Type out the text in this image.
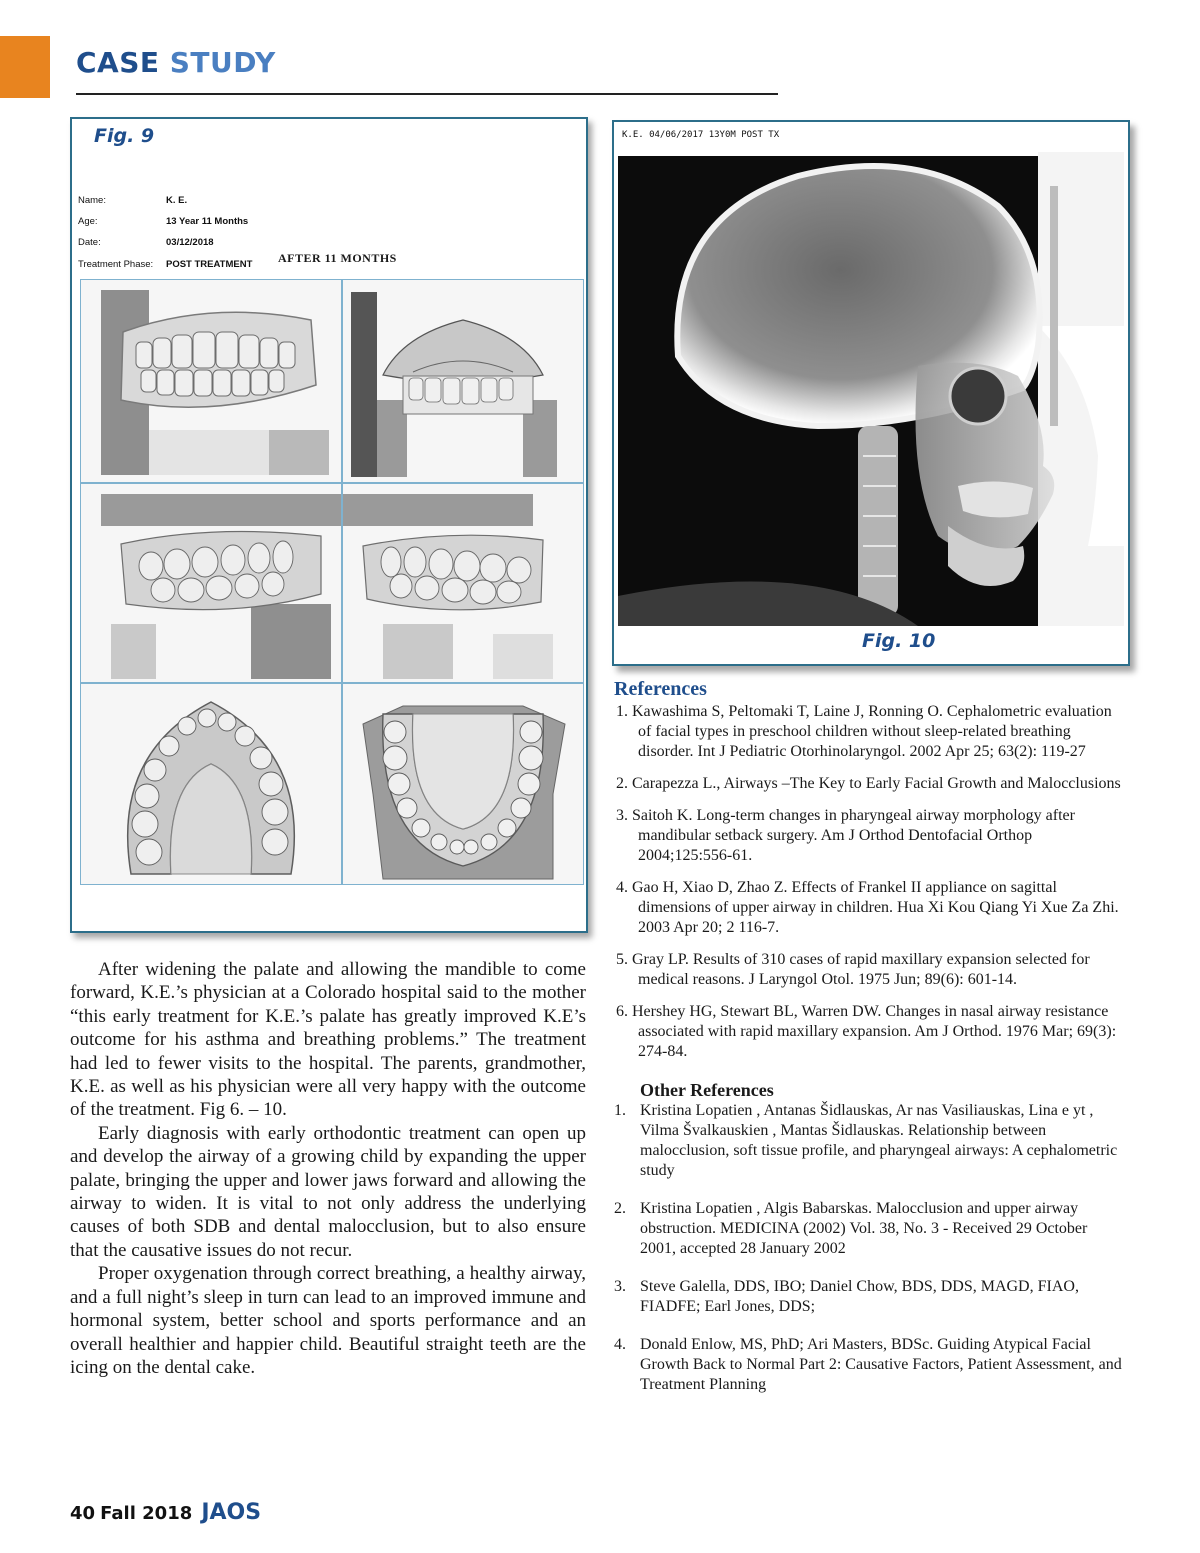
CASE STUDY
Fig. 9
Name:	K. E.
Age:	13 Year 11 Months
Date:	03/12/2018
Treatment Phase: POST TREATMENT AFTER 11 MONTHS
K.E. 04/06/2017 13Y0M POST TX
Fig. 10

After widening the palate and allowing the mandible to come forward, K.E.’s physician at a Colorado hospital said to the mother “this early treatment for K.E.’s palate has greatly improved K.E’s outcome for his asthma and breathing problems.” The treatment had led to fewer visits to the hospital. The parents, grandmother, K.E. as well as his physician were all very happy with the outcome of the treatment. Fig 6. – 10.

Early diagnosis with early orthodontic treatment can open up and develop the airway of a growing child by expanding the upper palate, bringing the upper and lower jaws forward and allowing the airway to widen. It is vital to not only address the underlying causes of both SDB and dental malocclusion, but to also ensure that the causative issues do not recur.

Proper oxygenation through correct breathing, a healthy airway, and a full night’s sleep in turn can lead to an improved immune and hormonal system, better school and sports performance and an overall healthier and happier child. Beautiful straight teeth are the icing on the dental cake.

References

1. Kawashima S, Peltomaki T, Laine J, Ronning O. Cephalometric evaluation of facial types in preschool children without sleep-related breathing disorder. Int J Pediatric Otorhinolaryngol. 2002 Apr 25; 63(2): 119-27

2. Carapezza L., Airways –The Key to Early Facial Growth and Malocclusions

3. Saitoh K. Long-term changes in pharyngeal airway morphology after mandibular setback surgery. Am J Orthod Dentofacial Orthop 2004;125:556-61.

4. Gao H, Xiao D, Zhao Z. Effects of Frankel II appliance on sagittal dimensions of upper airway in children. Hua Xi Kou Qiang Yi Xue Za Zhi. 2003 Apr 20; 2 116-7.

5. Gray LP. Results of 310 cases of rapid maxillary expansion selected for medical reasons. J Laryngol Otol. 1975 Jun; 89(6): 601-14.

6. Hershey HG, Stewart BL, Warren DW. Changes in nasal airway resistance associated with rapid maxillary expansion. Am J Orthod. 1976 Mar; 69(3): 274-84.

Other References
1. Kristina Lopatien , Antanas Šidlauskas, Ar nas Vasiliauskas, Lina e yt , Vilma Švalkauskien , Mantas Šidlauskas. Relationship between malocclusion, soft tissue profile, and pharyngeal airways: A cephalometric study
2. Kristina Lopatien , Algis Babarskas. Malocclusion and upper airway obstruction. MEDICINA (2002) Vol. 38, No. 3 - Received 29 October 2001, accepted 28 January 2002
3. Steve Galella, DDS, IBO; Daniel Chow, BDS, DDS, MAGD, FIAO, FIADFE; Earl Jones, DDS;
4. Donald Enlow, MS, PhD; Ari Masters, BDSc. Guiding Atypical Facial Growth Back to Normal Part 2: Causative Factors, Patient Assessment, and Treatment Planning
40 Fall 2018 JAOS
